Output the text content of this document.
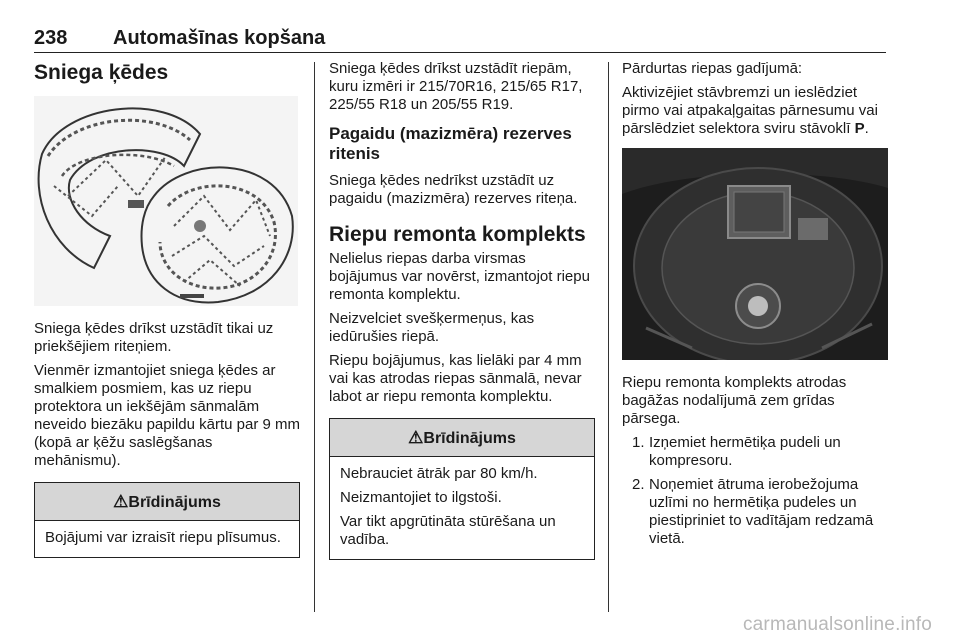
238 Automašīnas kopšana
Sniega ķēdes

Sniega ķēdes drīkst uzstādīt tikai uz priekšējiem riteņiem.

Vienmēr izmantojiet sniega ķēdes ar smalkiem posmiem, kas uz riepu protektora un iekšējām sānmalām neveido biezāku papildu kārtu par 9 mm (kopā ar ķēžu saslēgšanas mehānismu).

⚠Brīdinājums

Bojājumi var izraisīt riepu plīsumus.

Sniega ķēdes drīkst uzstādīt riepām, kuru izmēri ir 215/70R16, 215/65 R17, 225/55 R18 un 205/55 R19.

Pagaidu (mazizmēra) rezerves ritenis

Sniega ķēdes nedrīkst uzstādīt uz pagaidu (mazizmēra) rezerves riteņa.

Riepu remonta komplekts

Nelielus riepas darba virsmas bojājumus var novērst, izmantojot riepu remonta komplektu.

Neizvelciet svešķermeņus, kas iedūrušies riepā.

Riepu bojājumus, kas lielāki par 4 mm vai kas atrodas riepas sānmalā, nevar labot ar riepu remonta komplektu.

⚠Brīdinājums

Nebrauciet ātrāk par 80 km/h.

Neizmantojiet to ilgstoši.

Var tikt apgrūtināta stūrēšana un vadība.

Pārdurtas riepas gadījumā:

Aktivizējiet stāvbremzi un ieslēdziet pirmo vai atpakaļgaitas pārnesumu vai pārslēdziet selektora sviru stāvoklī P.

Riepu remonta komplekts atrodas bagāžas nodalījumā zem grīdas pārsega.

1. Izņemiet hermētiķa pudeli un kompresoru.
2. Noņemiet ātruma ierobežojuma uzlīmi no hermētiķa pudeles un piestipriniet to vadītājam redzamā vietā.
carmanualsonline.info
